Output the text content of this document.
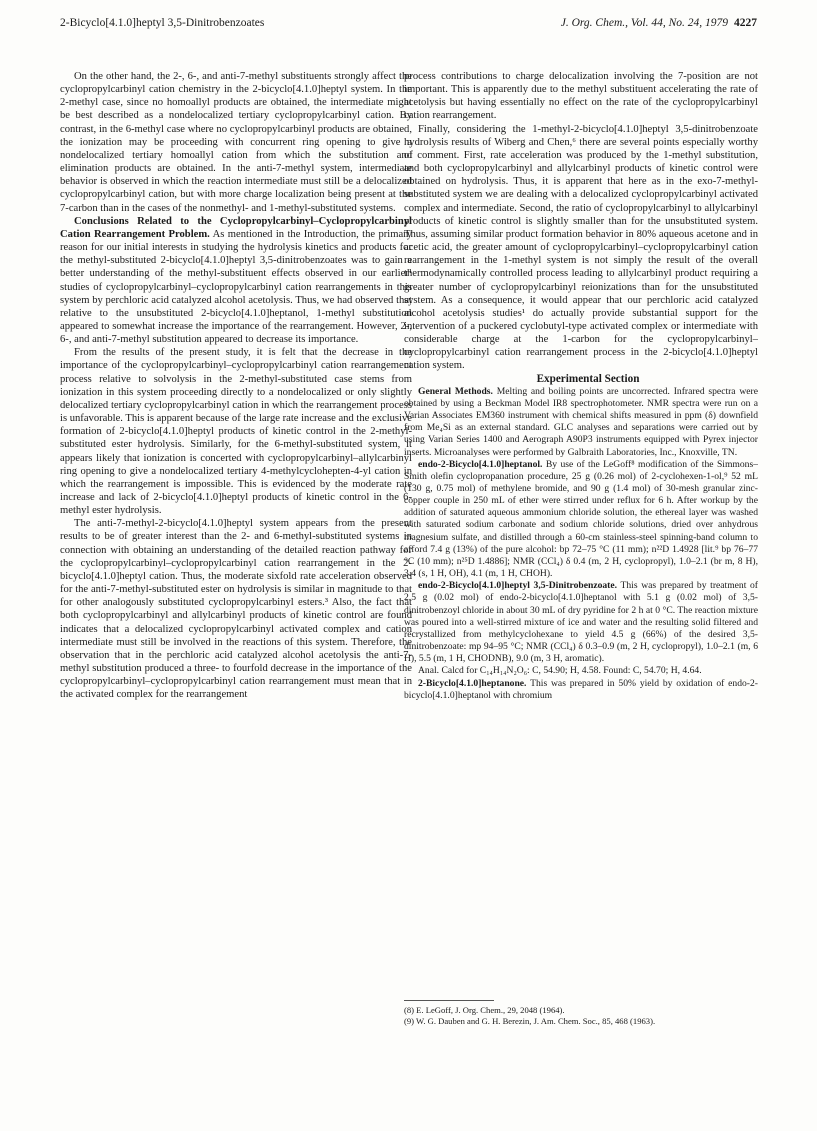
2-Bicyclo[4.1.0]heptyl 3,5-Dinitrobenzoates	J. Org. Chem., Vol. 44, No. 24, 1979 4227

On the other hand, the 2-, 6-, and anti-7-methyl substituents strongly affect the cyclopropylcarbinyl cation chemistry in the 2-bicyclo[4.1.0]heptyl system. In the 2-methyl case, since no homoallyl products are obtained, the intermediate might be best described as a nondelocalized tertiary cyclopropylcarbinyl cation. By contrast, in the 6-methyl case where no cyclopropylcarbinyl products are obtained, the ionization may be proceeding with concurrent ring opening to give a nondelocalized tertiary homoallyl cation from which the substitution and elimination products are obtained. In the anti-7-methyl system, intermediate behavior is observed in which the reaction intermediate must still be a delocalized cyclopropylcarbinyl cation, but with more charge localization being present at the 7-carbon than in the cases of the nonmethyl- and 1-methyl-substituted systems.

Conclusions Related to the Cyclopropylcarbinyl–Cyclopropylcarbinyl Cation Rearrangement Problem. As mentioned in the Introduction, the primary reason for our initial interests in studying the hydrolysis kinetics and products for the methyl-substituted 2-bicyclo[4.1.0]heptyl 3,5-dinitrobenzoates was to gain a better understanding of the methyl-substituent effects observed in our earlier¹ studies of cyclopropylcarbinyl–cyclopropylcarbinyl cation rearrangements in this system by perchloric acid catalyzed alcohol acetolysis. Thus, we had observed that relative to the unsubstituted 2-bicyclo[4.1.0]heptanol, 1-methyl substitution appeared to somewhat increase the importance of the rearrangement. However, 2-, 6-, and anti-7-methyl substitution appeared to decrease its importance.

From the results of the present study, it is felt that the decrease in the importance of the cyclopropylcarbinyl–cyclopropylcarbinyl cation rearrangement process relative to solvolysis in the 2-methyl-substituted case stems from ionization in this system proceeding directly to a nondelocalized or only slightly delocalized tertiary cyclopropylcarbinyl cation in which the rearrangement process is unfavorable. This is apparent because of the large rate increase and the exclusive formation of 2-bicyclo[4.1.0]heptyl products of kinetic control in the 2-methyl-substituted ester hydrolysis. Similarly, for the 6-methyl-substituted system, it appears likely that ionization is concerted with cyclopropylcarbinyl–allylcarbinyl ring opening to give a nondelocalized tertiary 4-methylcyclohepten-4-yl cation in which the rearrangement is impossible. This is evidenced by the moderate rate increase and lack of 2-bicyclo[4.1.0]heptyl products of kinetic control in the 6-methyl ester hydrolysis.

The anti-7-methyl-2-bicyclo[4.1.0]heptyl system appears from the present results to be of greater interest than the 2- and 6-methyl-substituted systems in connection with obtaining an understanding of the detailed reaction pathway for the cyclopropylcarbinyl–cyclopropylcarbinyl cation rearrangement in the 2-bicyclo[4.1.0]heptyl cation. Thus, the moderate sixfold rate acceleration observed for the anti-7-methyl-substituted ester on hydrolysis is similar in magnitude to that for other analogously substituted cyclopropylcarbinyl esters.³ Also, the fact that both cyclopropylcarbinyl and allylcarbinyl products of kinetic control are found indicates that a delocalized cyclopropylcarbinyl activated complex and cation intermediate must still be involved in the reactions of this system. Therefore, the observation that in the perchloric acid catalyzed alcohol acetolysis the anti-7-methyl substitution produced a three- to fourfold decrease in the importance of the cyclopropylcarbinyl–cyclopropylcarbinyl cation rearrangement must mean that in the activated complex for the rearrangement

process contributions to charge delocalization involving the 7-position are not important. This is apparently due to the methyl substituent accelerating the rate of acetolysis but having essentially no effect on the rate of the cyclopropylcarbinyl cation rearrangement.

Finally, considering the 1-methyl-2-bicyclo[4.1.0]heptyl 3,5-dinitrobenzoate hydrolysis results of Wiberg and Chen,⁶ there are several points especially worthy of comment. First, rate acceleration was produced by the 1-methyl substitution, and both cyclopropylcarbinyl and allylcarbinyl products of kinetic control were obtained on hydrolysis. Thus, it is apparent that here as in the exo-7-methyl-substituted system we are dealing with a delocalized cyclopropylcarbinyl activated complex and intermediate. Second, the ratio of cyclopropylcarbinyl to allylcarbinyl products of kinetic control is slightly smaller than for the unsubstituted system. Thus, assuming similar product formation behavior in 80% aqueous acetone and in acetic acid, the greater amount of cyclopropylcarbinyl–cyclopropylcarbinyl cation rearrangement in the 1-methyl system is not simply the result of the overall thermodynamically controlled process leading to allylcarbinyl product requiring a greater number of cyclopropylcarbinyl reionizations than for the unsubstituted system. As a consequence, it would appear that our perchloric acid catalyzed alcohol acetolysis studies¹ do actually provide substantial support for the intervention of a puckered cyclobutyl-type activated complex or intermediate with considerable charge at the 1-carbon for the cyclopropylcarbinyl–cyclopropylcarbinyl cation rearrangement process in the 2-bicyclo[4.1.0]heptyl cation system.

Experimental Section

General Methods. Melting and boiling points are uncorrected. Infrared spectra were obtained by using a Beckman Model IR8 spectrophotometer. NMR spectra were run on a Varian Associates EM360 instrument with chemical shifts measured in ppm (δ) downfield from Me₄Si as an external standard. GLC analyses and separations were carried out by using Varian Series 1400 and Aerograph A90P3 instruments equipped with Pyrex injector inserts. Microanalyses were performed by Galbraith Laboratories, Inc., Knoxville, TN.

endo-2-Bicyclo[4.1.0]heptanol. By use of the LeGoff⁸ modification of the Simmons–Smith olefin cyclopropanation procedure, 25 g (0.26 mol) of 2-cyclohexen-1-ol,⁹ 52 mL (130 g, 0.75 mol) of methylene bromide, and 90 g (1.4 mol) of 30-mesh granular zinc-copper couple in 250 mL of ether were stirred under reflux for 6 h. After workup by the addition of saturated aqueous ammonium chloride solution, the ethereal layer was washed with saturated sodium carbonate and sodium chloride solutions, dried over anhydrous magnesium sulfate, and distilled through a 60-cm stainless-steel spinning-band column to afford 7.4 g (13%) of the pure alcohol: bp 72–75 °C (11 mm); n²²D 1.4928 [lit.⁹ bp 76–77 °C (10 mm); n²⁵D 1.4886]; NMR (CCl₄) δ 0.4 (m, 2 H, cyclopropyl), 1.0–2.1 (br m, 8 H), 3.4 (s, 1 H, OH), 4.1 (m, 1 H, CHOH).

endo-2-Bicyclo[4.1.0]heptyl 3,5-Dinitrobenzoate. This was prepared by treatment of 2.5 g (0.02 mol) of endo-2-bicyclo[4.1.0]heptanol with 5.1 g (0.02 mol) of 3,5-dinitrobenzoyl chloride in about 30 mL of dry pyridine for 2 h at 0 °C. The reaction mixture was poured into a well-stirred mixture of ice and water and the resulting solid filtered and recrystallized from methylcyclohexane to yield 4.5 g (66%) of the desired 3,5-dinitrobenzoate: mp 94–95 °C; NMR (CCl₄) δ 0.3–0.9 (m, 2 H, cyclopropyl), 1.0–2.1 (m, 6 H), 5.5 (m, 1 H, CHODNB), 9.0 (m, 3 H, aromatic).

Anal. Calcd for C₁₄H₁₄N₂O₆: C, 54.90; H, 4.58. Found: C, 54.70; H, 4.64.

2-Bicyclo[4.1.0]heptanone. This was prepared in 50% yield by oxidation of endo-2-bicyclo[4.1.0]heptanol with chromium

(8) E. LeGoff, J. Org. Chem., 29, 2048 (1964).

(9) W. G. Dauben and G. H. Berezin, J. Am. Chem. Soc., 85, 468 (1963).
